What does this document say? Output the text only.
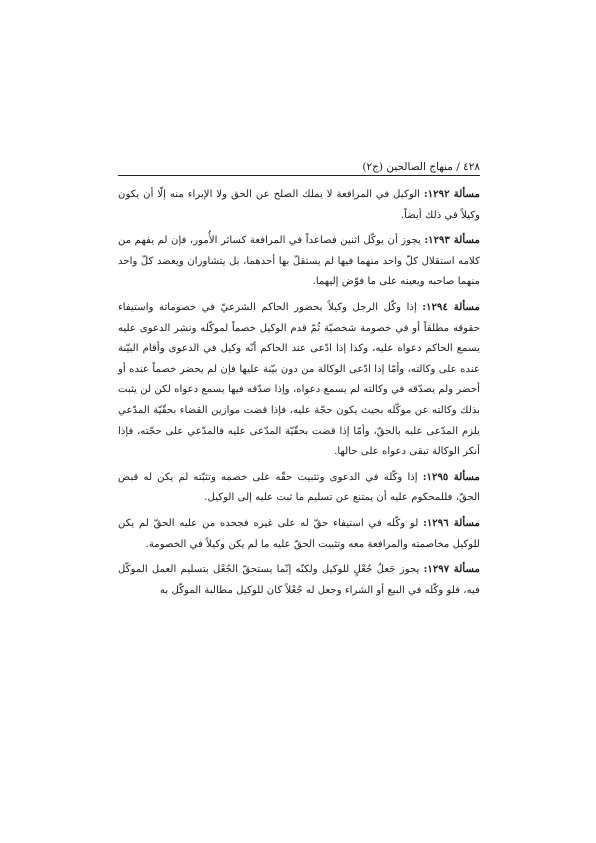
٤٢٨ / منهاج الصالحين (ج٢)

مسألة ١٢٩٢: الوكيل في المرافعة لا يملك الصلح عن الحق ولا الإبراء منه إلّا أن يكون وكيلاً في ذلك أيضاً.

مسألة ١٢٩٣: يجوز أن يوكّل اثنين فصاعداً في المرافعة كسائر الأُمور، فإن لم يفهم من كلامه استقلال كلّ واحد منهما فيها لم يستقلّ بها أحدهما، بل يتشاوران ويعضد كلّ واحد منهما صاحبه ويعينه على ما فوّض إليهما.

مسألة ١٢٩٤: إذا وكّل الرجل وكيلاً بحضور الحاكم الشرعيّ في خصوماته واستيفاء حقوقه مطلقاً أو في خصومة شخصيّة ثُمّ قدم الوكيل خصماً لموكّله ونشر الدعوى عليه يسمع الحاكم دعواه عليه، وكذا إذا ادّعى عند الحاكم أنّه وكيل في الدعوى وأقام البيّنة عنده على وكالته، وأمّا إذا ادّعى الوكالة من دون بيّنة عليها فإن لم يحضر خصماً عنده أو أحضر ولم يصدّقه في وكالته لم يسمع دعواه، وإذا صدّقه فيها يسمع دعواه لكن لن يثبت بذلك وكالته عن موكّله بحيث يكون حجّة عليه، فإذا قضت موازين القضاء بحقّيّة المدّعي يلزم المدّعى عليه بالحقّ، وأمّا إذا قضت بحقّيّة المدّعى عليه فالمدّعي على حجّته، فإذا أنكر الوكالة تبقى دعواه على حالها.

مسألة ١٢٩٥: إذا وكّله في الدعوى وتثبيت حقّه على خصمه وتثبّته لم يكن له قبض الحقّ، فللمحكوم عليه أن يمتنع عن تسليم ما ثبت عليه إلى الوكيل.

مسألة ١٢٩٦: لو وكّله في استيفاء حقّ له على غيره فجحده من عليه الحقّ لم يكن للوكيل مخاصمته والمرافعة معه وتثبيت الحقّ عليه ما لم يكن وكيلاً في الخصومة.

مسألة ١٢٩٧: يجوز جَعلُ جُعْلٍ للوكيل ولكنّه إنّما يستحقّ الجُعْل بتسليم العمل الموكّل فيه، فلو وكّله في البيع أو الشراء وجعل له جُعْلاً كان للوكيل مطالبة الموكّل به
